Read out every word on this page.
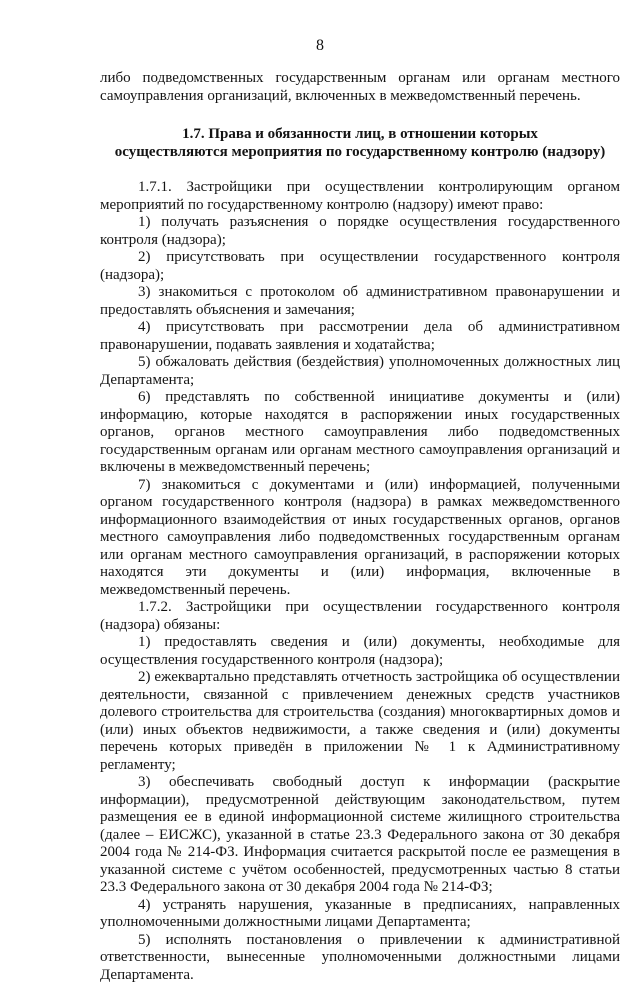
8

либо подведомственных государственным органам или органам местного самоуправления организаций, включенных в межведомственный перечень.

1.7. Права и обязанности лиц, в отношении которых
осуществляются мероприятия по государственному контролю (надзору)

1.7.1. Застройщики при осуществлении контролирующим органом мероприятий по государственному контролю (надзору) имеют право:

1) получать разъяснения о порядке осуществления государственного контроля (надзора);

2) присутствовать при осуществлении государственного контроля (надзора);

3) знакомиться с протоколом об административном правонарушении и предоставлять объяснения и замечания;

4) присутствовать при рассмотрении дела об административном правонарушении, подавать заявления и ходатайства;

5) обжаловать действия (бездействия) уполномоченных должностных лиц Департамента;

6) представлять по собственной инициативе документы и (или) информацию, которые находятся в распоряжении иных государственных органов, органов местного самоуправления либо подведомственных государственным органам или органам местного самоуправления организаций и включены в межведомственный перечень;

7) знакомиться с документами и (или) информацией, полученными органом государственного контроля (надзора) в рамках межведомственного информационного взаимодействия от иных государственных органов, органов местного самоуправления либо подведомственных государственным органам или органам местного самоуправления организаций, в распоряжении которых находятся эти документы и (или) информация, включенные в межведомственный перечень.

1.7.2. Застройщики при осуществлении государственного контроля (надзора) обязаны:

1) предоставлять сведения и (или) документы, необходимые для осуществления государственного контроля (надзора);

2) ежеквартально представлять отчетность застройщика об осуществлении деятельности, связанной с привлечением денежных средств участников долевого строительства для строительства (создания) многоквартирных домов и (или) иных объектов недвижимости, а также сведения и (или) документы перечень которых приведён в приложении № 1 к Административному регламенту;

3) обеспечивать свободный доступ к информации (раскрытие информации), предусмотренной действующим законодательством, путем размещения ее в единой информационной системе жилищного строительства (далее – ЕИСЖС), указанной в статье 23.3 Федерального закона от 30 декабря 2004 года № 214-ФЗ. Информация считается раскрытой после ее размещения в указанной системе с учётом особенностей, предусмотренных частью 8 статьи 23.3 Федерального закона от 30 декабря 2004 года № 214-ФЗ;

4) устранять нарушения, указанные в предписаниях, направленных уполномоченными должностными лицами Департамента;

5) исполнять постановления о привлечении к административной ответственности, вынесенные уполномоченными должностными лицами Департамента.
